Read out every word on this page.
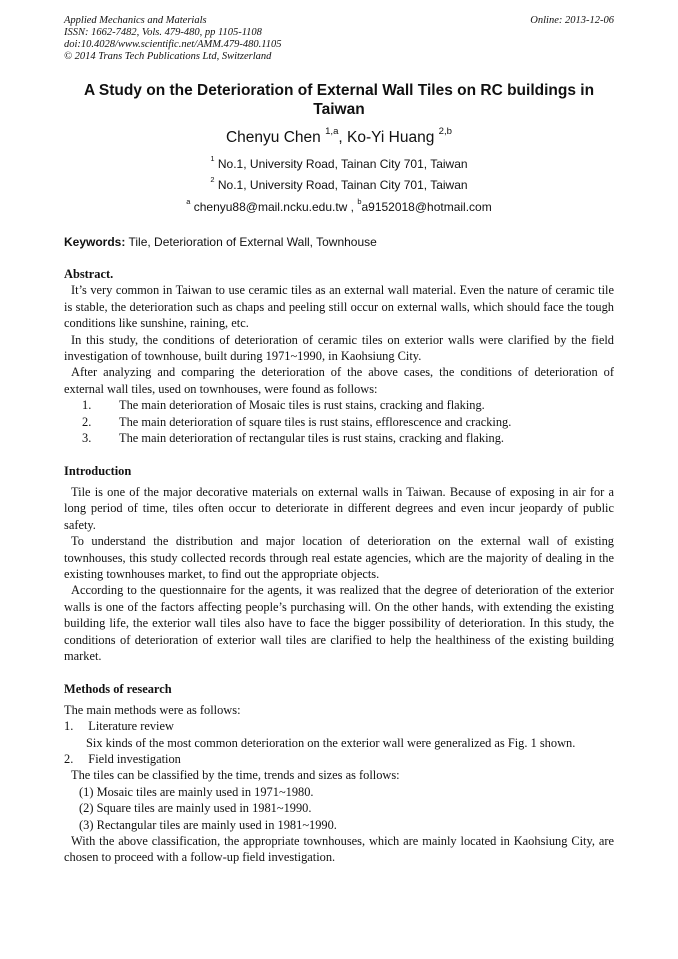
Applied Mechanics and Materials
ISSN: 1662-7482, Vols. 479-480, pp 1105-1108
doi:10.4028/www.scientific.net/AMM.479-480.1105
© 2014 Trans Tech Publications Ltd, Switzerland
Online: 2013-12-06
A Study on the Deterioration of External Wall Tiles on RC buildings in Taiwan
Chenyu Chen $^{1,a}$, Ko-Yi Huang $^{2,b}$
$^1$ No.1, University Road, Tainan City 701, Taiwan
$^2$ No.1, University Road, Tainan City 701, Taiwan
$^a$ chenyu88@mail.ncku.edu.tw , $^b$a9152018@hotmail.com
Keywords: Tile, Deterioration of External Wall, Townhouse
Abstract.

It’s very common in Taiwan to use ceramic tiles as an external wall material. Even the nature of ceramic tile is stable, the deterioration such as chaps and peeling still occur on external walls, which should face the tough conditions like sunshine, raining, etc.

In this study, the conditions of deterioration of ceramic tiles on exterior walls were clarified by the field investigation of townhouse, built during 1971~1990, in Kaohsiung City.

After analyzing and comparing the deterioration of the above cases, the conditions of deterioration of external wall tiles, used on townhouses, were found as follows:

1. The main deterioration of Mosaic tiles is rust stains, cracking and flaking.
2. The main deterioration of square tiles is rust stains, efflorescence and cracking.
3. The main deterioration of rectangular tiles is rust stains, cracking and flaking.
Introduction

Tile is one of the major decorative materials on external walls in Taiwan. Because of exposing in air for a long period of time, tiles often occur to deteriorate in different degrees and even incur jeopardy of public safety.

To understand the distribution and major location of deterioration on the external wall of existing townhouses, this study collected records through real estate agencies, which are the majority of dealing in the existing townhouses market, to find out the appropriate objects.

According to the questionnaire for the agents, it was realized that the degree of deterioration of the exterior walls is one of the factors affecting people’s purchasing will. On the other hands, with extending the existing building life, the exterior wall tiles also have to face the bigger possibility of deterioration. In this study, the conditions of deterioration of exterior wall tiles are clarified to help the healthiness of the existing building market.

Methods of research
The main methods were as follows:
1. Literature review
Six kinds of the most common deterioration on the exterior wall were generalized as Fig. 1 shown.
2. Field investigation
The tiles can be classified by the time, trends and sizes as follows:
(1) Mosaic tiles are mainly used in 1971~1980.
(2) Square tiles are mainly used in 1981~1990.
(3) Rectangular tiles are mainly used in 1981~1990.

With the above classification, the appropriate townhouses, which are mainly located in Kaohsiung City, are chosen to proceed with a follow-up field investigation.
